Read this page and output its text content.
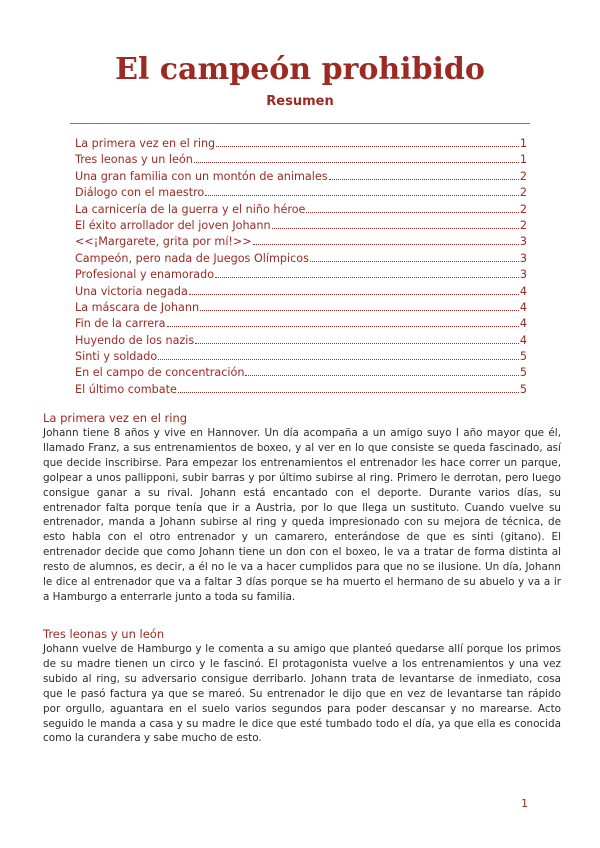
El campeón prohibido
Resumen
La primera vez en el ring	1
Tres leonas y un león	1
Una gran familia con un montón de animales	2
Diálogo con el maestro	2
La carnicería de la guerra y el niño héroe	2
El éxito arrollador del joven Johann	2
<<¡Margarete, grita por mí!>>	3
Campeón, pero nada de Juegos Olímpicos	3
Profesional y enamorado	3
Una victoria negada	4
La máscara de Johann	4
Fin de la carrera	4
Huyendo de los nazis	4
Sinti y soldado	5
En el campo de concentración	5
El último combate	5
La primera vez en el ring

Johann tiene 8 años y vive en Hannover. Un día acompaña a un amigo suyo I año mayor que él, llamado Franz, a sus entrenamientos de boxeo, y al ver en lo que consiste se queda fascinado, así que decide inscribirse. Para empezar los entrenamientos el entrenador les hace correr un parque, golpear a unos pallipponi, subir barras y por último subirse al ring. Primero le derrotan, pero luego consigue ganar a su rival. Johann está encantado con el deporte. Durante varios días, su entrenador falta porque tenía que ir a Austria, por lo que llega un sustituto. Cuando vuelve su entrenador, manda a Johann subirse al ring y queda impresionado con su mejora de técnica, de esto habla con el otro entrenador y un camarero, enterándose de que es sinti (gitano). El entrenador decide que como Johann tiene un don con el boxeo, le va a tratar de forma distinta al resto de alumnos, es decir, a él no le va a hacer cumplidos para que no se ilusione. Un día, Johann le dice al entrenador que va a faltar 3 días porque se ha muerto el hermano de su abuelo y va a ir a Hamburgo a enterrarle junto a toda su familia.

Tres leonas y un león

Johann vuelve de Hamburgo y le comenta a su amigo que planteó quedarse allí porque los primos de su madre tienen un circo y le fascinó. El protagonista vuelve a los entrenamientos y una vez subido al ring, su adversario consigue derribarlo. Johann trata de levantarse de inmediato, cosa que le pasó factura ya que se mareó. Su entrenador le dijo que en vez de levantarse tan rápido por orgullo, aguantara en el suelo varios segundos para poder descansar y no marearse. Acto seguido le manda a casa y su madre le dice que esté tumbado todo el día, ya que ella es conocida como la curandera y sabe mucho de esto.

1
